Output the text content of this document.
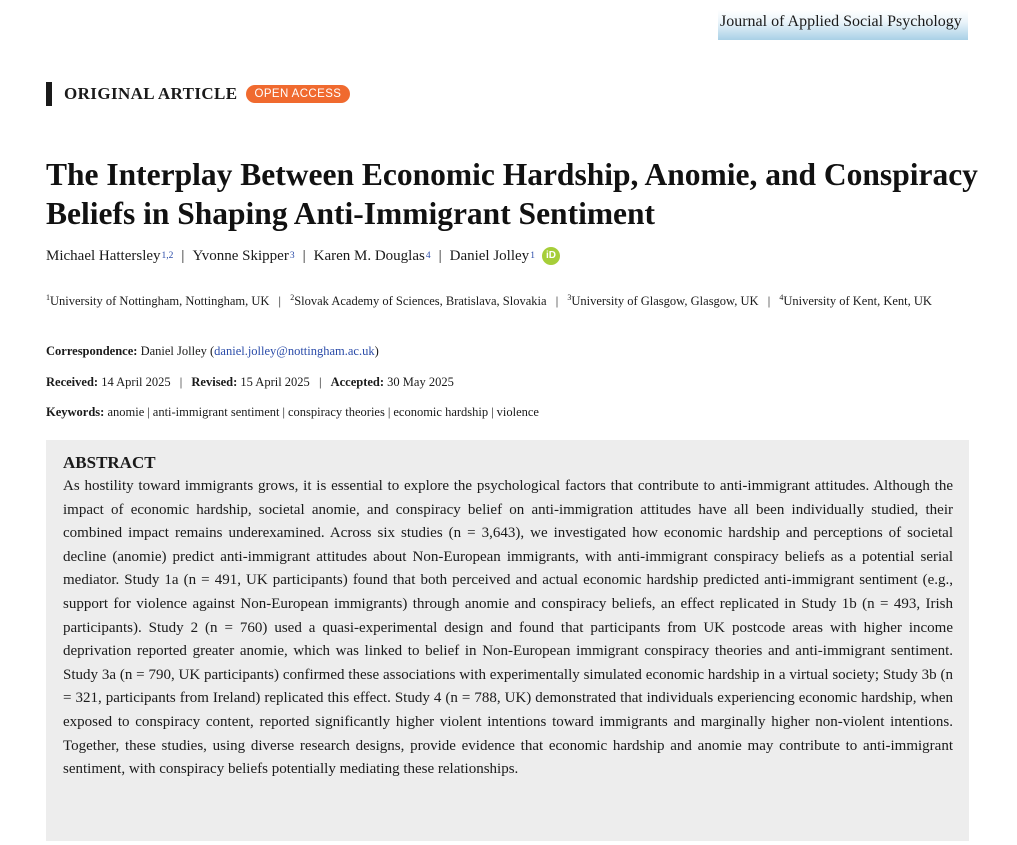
Journal of Applied Social Psychology
ORIGINAL ARTICLE	OPEN ACCESS
The Interplay Between Economic Hardship, Anomie, and Conspiracy Beliefs in Shaping Anti-Immigrant Sentiment
Michael Hattersley 1,2 | Yvonne Skipper 3 | Karen M. Douglas 4 | Daniel Jolley 1	iD
$^1$University of Nottingham, Nottingham, UK | $^2$Slovak Academy of Sciences, Bratislava, Slovakia | $^3$University of Glasgow, Glasgow, UK | $^4$University of Kent, Kent, UK
Correspondence: Daniel Jolley (daniel.jolley@nottingham.ac.uk)
Received: 14 April 2025 | Revised: 15 April 2025 | Accepted: 30 May 2025
Keywords: anomie | anti-immigrant sentiment | conspiracy theories | economic hardship | violence
ABSTRACT

As hostility toward immigrants grows, it is essential to explore the psychological factors that contribute to anti-immigrant attitudes. Although the impact of economic hardship, societal anomie, and conspiracy belief on anti-immigration attitudes have all been individually studied, their combined impact remains underexamined. Across six studies (n = 3,643), we investigated how economic hardship and perceptions of societal decline (anomie) predict anti-immigrant attitudes about Non-European immigrants, with anti-immigrant conspiracy beliefs as a potential serial mediator. Study 1a (n = 491, UK participants) found that both perceived and actual economic hardship predicted anti-immigrant sentiment (e.g., support for violence against Non-European immigrants) through anomie and conspiracy beliefs, an effect replicated in Study 1b (n = 493, Irish participants). Study 2 (n = 760) used a quasi-experimental design and found that participants from UK postcode areas with higher income deprivation reported greater anomie, which was linked to belief in Non-European immigrant conspiracy theories and anti-immigrant sentiment. Study 3a (n = 790, UK participants) confirmed these associations with experimentally simulated economic hardship in a virtual society; Study 3b (n = 321, participants from Ireland) replicated this effect. Study 4 (n = 788, UK) demonstrated that individuals experiencing economic hardship, when exposed to conspiracy content, reported significantly higher violent intentions toward immigrants and marginally higher non-violent intentions. Together, these studies, using diverse research designs, provide evidence that economic hardship and anomie may contribute to anti-immigrant sentiment, with conspiracy beliefs potentially mediating these relationships.
